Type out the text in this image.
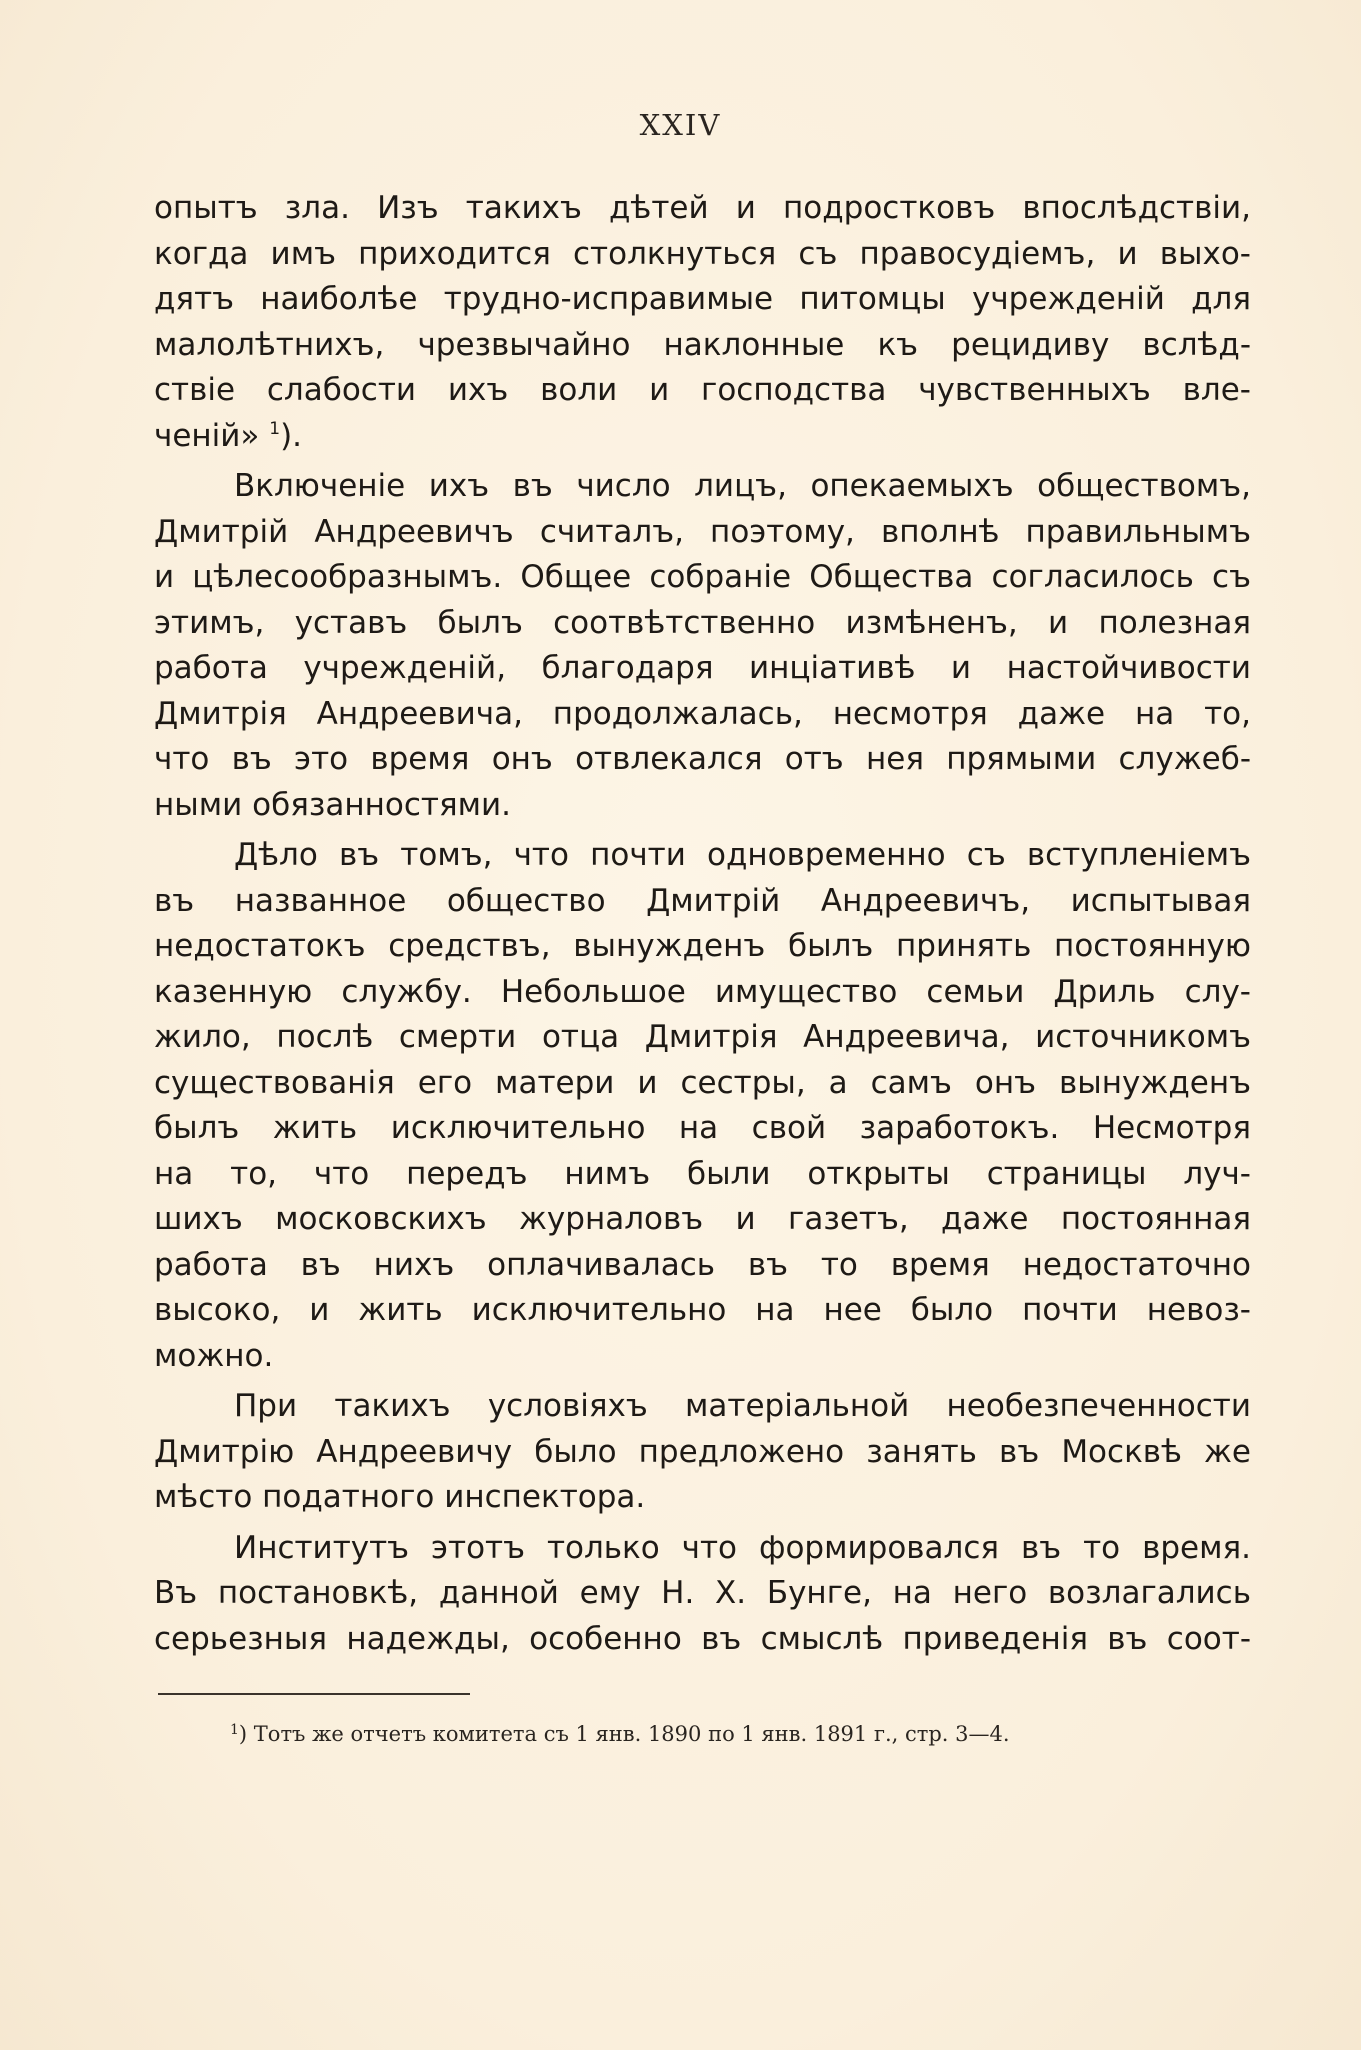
XXIV
опытъ зла. Изъ такихъ дѣтей и подростковъ впослѣдствіи,
когда имъ приходится столкнуться съ правосудіемъ, и выхо-
дятъ наиболѣе трудно-исправимые питомцы учрежденій для
малолѣтнихъ, чрезвычайно наклонные къ рецидиву вслѣд-
ствіе слабости ихъ воли и господства чувственныхъ вле-
ченій» $^1$).
Включеніе ихъ въ число лицъ, опекаемыхъ обществомъ,
Дмитрій Андреевичъ считалъ, поэтому, вполнѣ правильнымъ
и цѣлесообразнымъ. Общее собраніе Общества согласилось съ
этимъ, уставъ былъ соотвѣтственно измѣненъ, и полезная
работа учрежденій, благодаря инціативѣ и настойчивости
Дмитрія Андреевича, продолжалась, несмотря даже на то,
что въ это время онъ отвлекался отъ нея прямыми служеб-
ными обязанностями.
Дѣло въ томъ, что почти одновременно съ вступленіемъ
въ названное общество Дмитрій Андреевичъ, испытывая
недостатокъ средствъ, вынужденъ былъ принять постоянную
казенную службу. Небольшое имущество семьи Дриль слу-
жило, послѣ смерти отца Дмитрія Андреевича, источникомъ
существованія его матери и сестры, а самъ онъ вынужденъ
былъ жить исключительно на свой заработокъ. Несмотря
на то, что передъ нимъ были открыты страницы луч-
шихъ московскихъ журналовъ и газетъ, даже постоянная
работа въ нихъ оплачивалась въ то время недостаточно
высоко, и жить исключительно на нее было почти невоз-
можно.
При такихъ условіяхъ матеріальной необезпеченности
Дмитрію Андреевичу было предложено занять въ Москвѣ же
мѣсто податного инспектора.
Институтъ этотъ только что формировался въ то время.
Въ постановкѣ, данной ему Н. Х. Бунге, на него возлагались
серьезныя надежды, особенно въ смыслѣ приведенія въ соот-
$^1$) Тотъ же отчетъ комитета съ 1 янв. 1890 по 1 янв. 1891 г., стр. 3—4.
